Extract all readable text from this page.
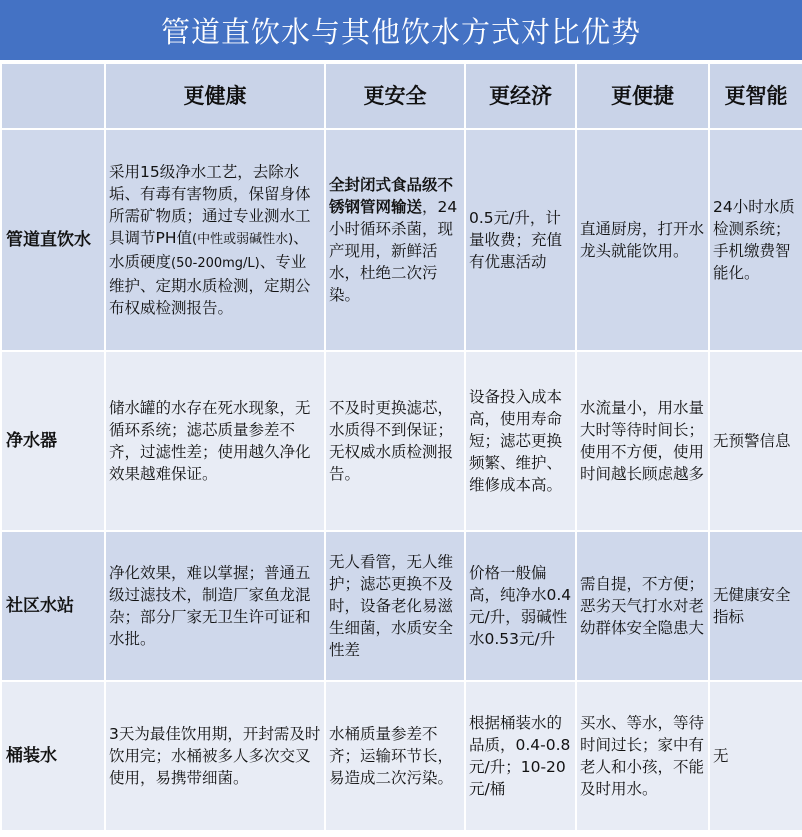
管道直饮水与其他饮水方式对比优势
	更健康	更安全	更经济	更便捷	更智能
管道直饮水	采用15级净水工艺，去除水垢、有毒有害物质，保留身体所需矿物质；通过专业测水工具调节PH值(中性或弱碱性水)、水质硬度(50-200mg/L)、专业维护、定期水质检测，定期公布权威检测报告。	全封闭式食品级不锈钢管网输送，24小时循环杀菌，现产现用，新鲜活水，杜绝二次污染。	0.5元/升，计量收费；充值有优惠活动	直通厨房，打开水龙头就能饮用。	24小时水质检测系统；手机缴费智能化。
净水器	储水罐的水存在死水现象，无循环系统；滤芯质量参差不齐，过滤性差；使用越久净化效果越难保证。	不及时更换滤芯，水质得不到保证；无权威水质检测报告。	设备投入成本高，使用寿命短；滤芯更换频繁、维护、维修成本高。	水流量小，用水量大时等待时间长；使用不方便，使用时间越长顾虑越多	无预警信息
社区水站	净化效果，难以掌握；普通五级过滤技术，制造厂家鱼龙混杂；部分厂家无卫生许可证和水批。	无人看管，无人维护；滤芯更换不及时，设备老化易滋生细菌，水质安全性差	价格一般偏高，纯净水0.4元/升，弱碱性水0.53元/升	需自提，不方便；恶劣天气打水对老幼群体安全隐患大	无健康安全指标
桶装水	3天为最佳饮用期，开封需及时饮用完；水桶被多人多次交叉使用，易携带细菌。	水桶质量参差不齐；运输环节长，易造成二次污染。	根据桶装水的品质，0.4-0.8元/升；10-20元/桶	买水、等水，等待时间过长；家中有老人和小孩，不能及时用水。	无
